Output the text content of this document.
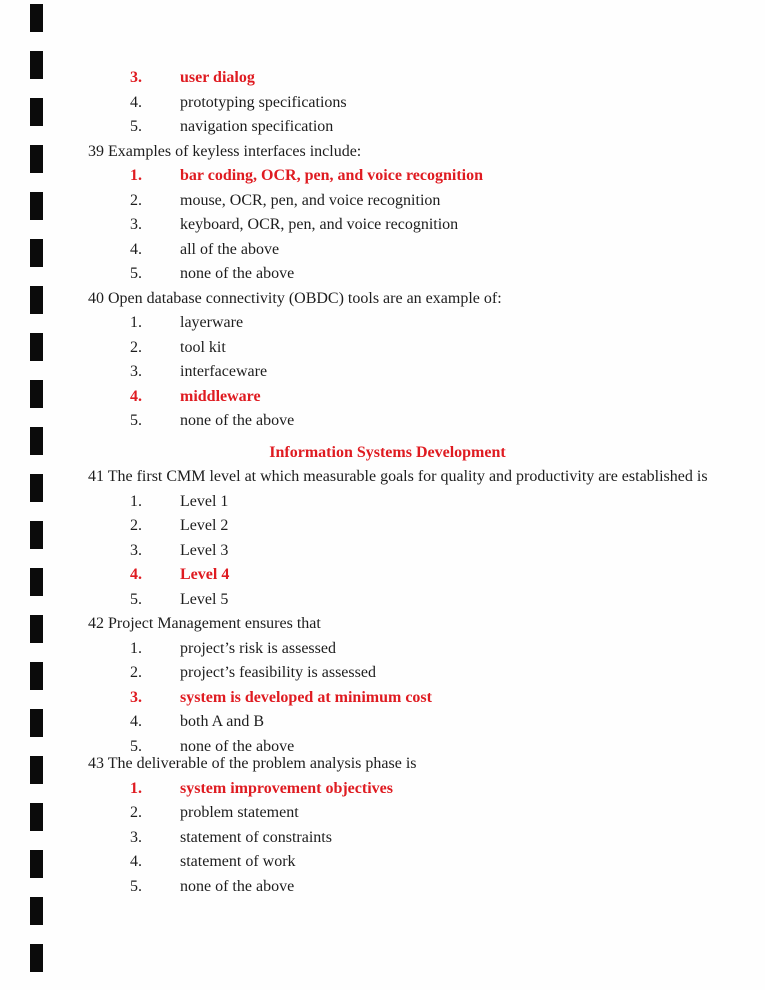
3. user dialog
4. prototyping specifications
5. navigation specification
39 Examples of keyless interfaces include:
1. bar coding, OCR, pen, and voice recognition
2. mouse, OCR, pen, and voice recognition
3. keyboard, OCR, pen, and voice recognition
4. all of the above
5. none of the above
40 Open database connectivity (OBDC) tools are an example of:
1. layerware
2. tool kit
3. interfaceware
4. middleware
5. none of the above
Information Systems Development
41 The first CMM level at which measurable goals for quality and productivity are established is
1. Level 1
2. Level 2
3. Level 3
4. Level 4
5. Level 5
42 Project Management ensures that
1. project’s risk is assessed
2. project’s feasibility is assessed
3. system is developed at minimum cost
4. both A and B
5. none of the above
43 The deliverable of the problem analysis phase is
1. system improvement objectives
2. problem statement
3. statement of constraints
4. statement of work
5. none of the above
